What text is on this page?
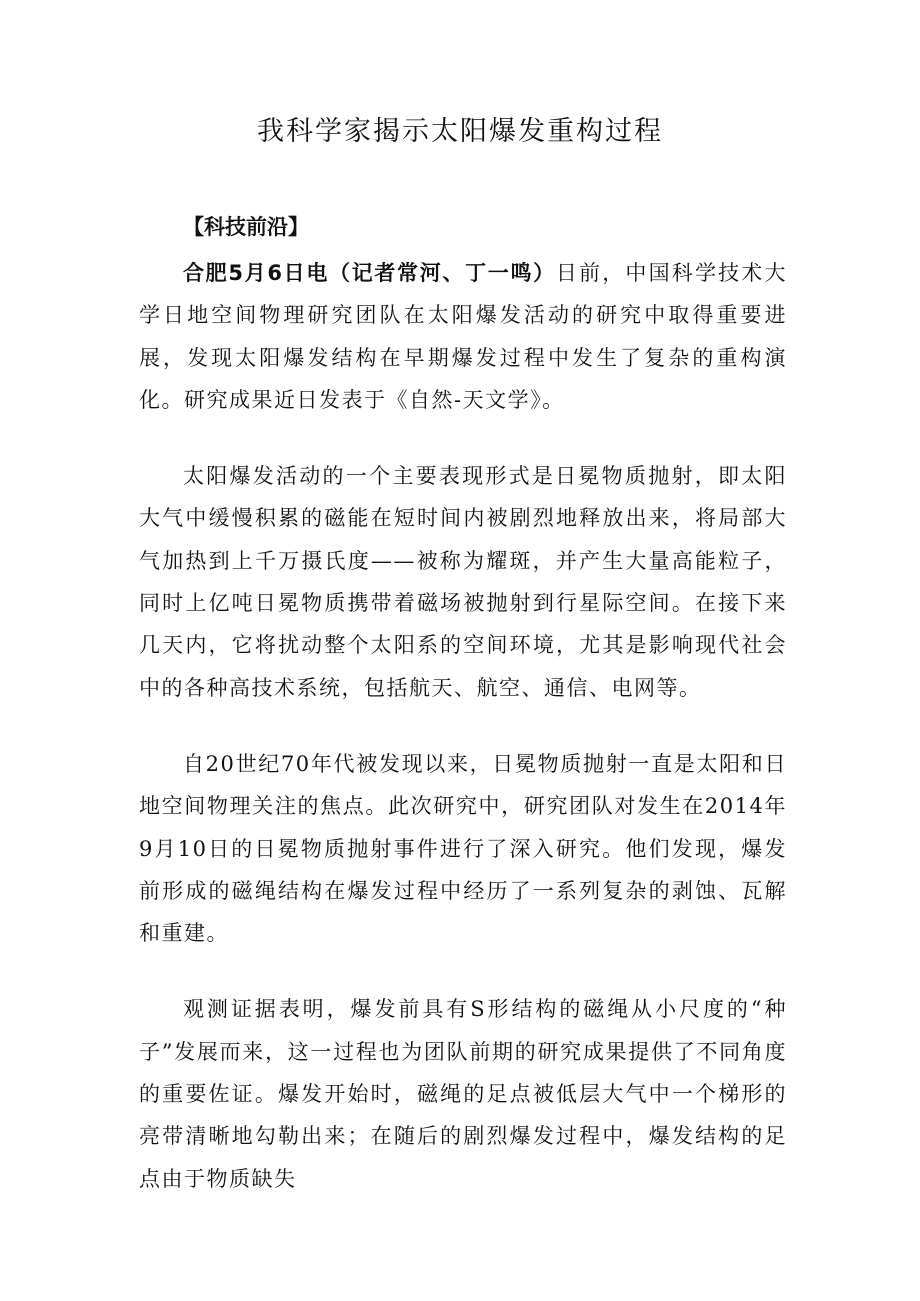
我科学家揭示太阳爆发重构过程
【科技前沿】

合肥5月6日电（记者常河、丁一鸣）日前，中国科学技术大学日地空间物理研究团队在太阳爆发活动的研究中取得重要进展，发现太阳爆发结构在早期爆发过程中发生了复杂的重构演化。研究成果近日发表于《自然-天文学》。

太阳爆发活动的一个主要表现形式是日冕物质抛射，即太阳大气中缓慢积累的磁能在短时间内被剧烈地释放出来，将局部大气加热到上千万摄氏度——被称为耀斑，并产生大量高能粒子，同时上亿吨日冕物质携带着磁场被抛射到行星际空间。在接下来几天内，它将扰动整个太阳系的空间环境，尤其是影响现代社会中的各种高技术系统，包括航天、航空、通信、电网等。

自20世纪70年代被发现以来，日冕物质抛射一直是太阳和日地空间物理关注的焦点。此次研究中，研究团队对发生在2014年9月10日的日冕物质抛射事件进行了深入研究。他们发现，爆发前形成的磁绳结构在爆发过程中经历了一系列复杂的剥蚀、瓦解和重建。

观测证据表明，爆发前具有S形结构的磁绳从小尺度的“种子”发展而来，这一过程也为团队前期的研究成果提供了不同角度的重要佐证。爆发开始时，磁绳的足点被低层大气中一个梯形的亮带清晰地勾勒出来；在随后的剧烈爆发过程中，爆发结构的足点由于物质缺失
